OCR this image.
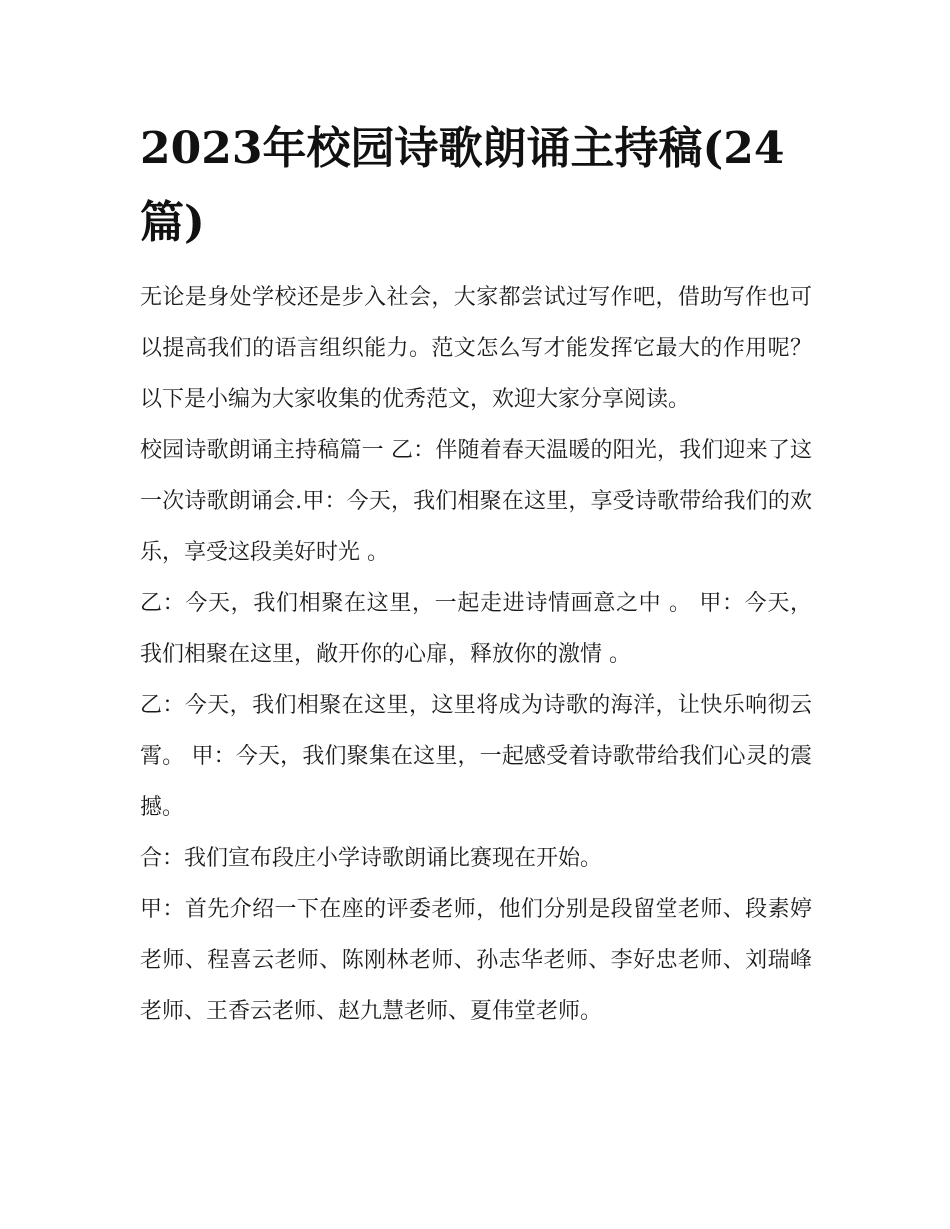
2023年校园诗歌朗诵主持稿(24篇)

无论是身处学校还是步入社会，大家都尝试过写作吧，借助写作也可以提高我们的语言组织能力。范文怎么写才能发挥它最大的作用呢？以下是小编为大家收集的优秀范文，欢迎大家分享阅读。

校园诗歌朗诵主持稿篇一 乙：伴随着春天温暖的阳光，我们迎来了这一次诗歌朗诵会.甲：今天，我们相聚在这里，享受诗歌带给我们的欢乐，享受这段美好时光 。

乙：今天，我们相聚在这里，一起走进诗情画意之中 。 甲：今天，我们相聚在这里，敞开你的心扉，释放你的激情 。

乙：今天，我们相聚在这里，这里将成为诗歌的海洋，让快乐响彻云霄。 甲：今天，我们聚集在这里，一起感受着诗歌带给我们心灵的震撼。

合：我们宣布段庄小学诗歌朗诵比赛现在开始。

甲：首先介绍一下在座的评委老师，他们分别是段留堂老师、段素婷老师、程喜云老师、陈刚林老师、孙志华老师、李好忠老师、刘瑞峰老师、王香云老师、赵九慧老师、夏伟堂老师。
